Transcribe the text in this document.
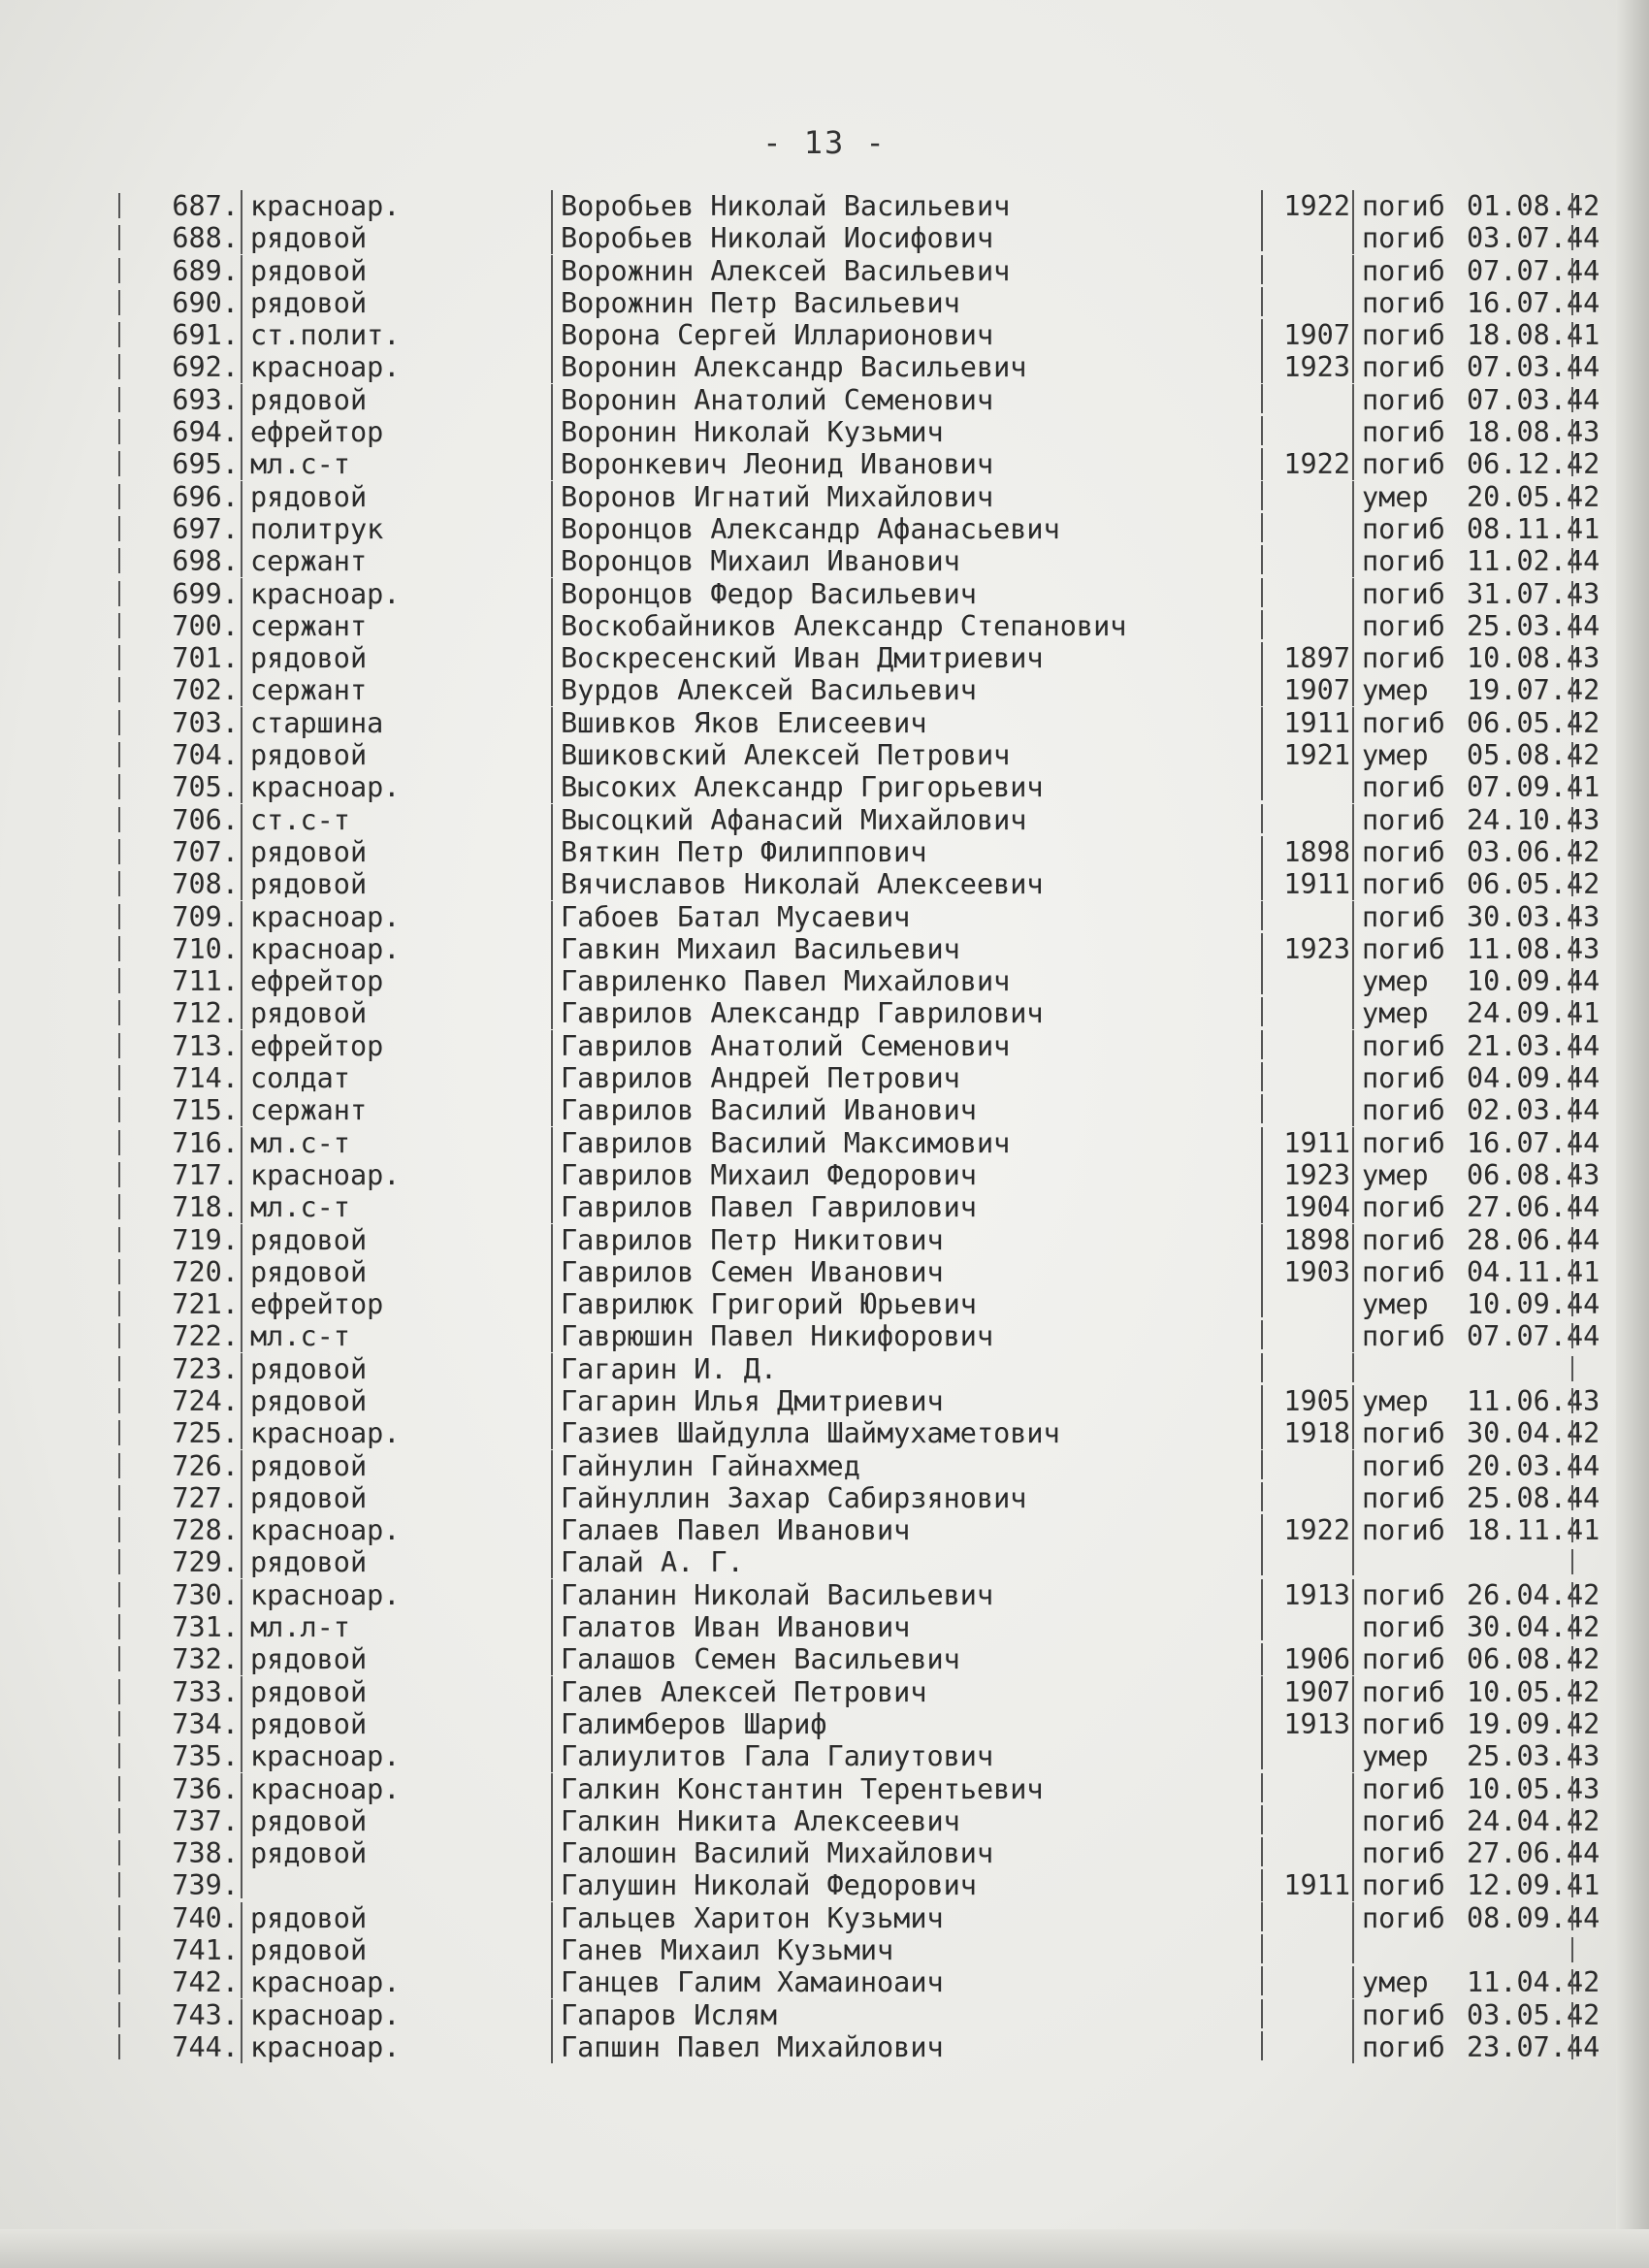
- 13 -
687. красноар.	Воробьев Николай Васильевич	1922 погиб 01.08.42
688. рядовой	Воробьев Николай Иосифович	погиб 03.07.44
689. рядовой	Ворожнин Алексей Васильевич	погиб 07.07.44
690. рядовой	Ворожнин Петр Васильевич	погиб 16.07.44
691. ст.полит.	Ворона Сергей Илларионович	1907 погиб 18.08.41
692. красноар.	Воронин Александр Васильевич	1923 погиб 07.03.44
693. рядовой	Воронин Анатолий Семенович	погиб 07.03.44
694. ефрейтор	Воронин Николай Кузьмич	погиб 18.08.43
695. мл.с-т	Воронкевич Леонид Иванович	1922 погиб 06.12.42
696. рядовой	Воронов Игнатий Михайлович	умер	20.05.42
697. политрук	Воронцов Александр Афанасьевич	погиб 08.11.41
698. сержант	Воронцов Михаил Иванович	погиб 11.02.44
699. красноар.	Воронцов Федор Васильевич	погиб 31.07.43
700. сержант	Воскобайников Александр Степанович	погиб 25.03.44
701. рядовой	Воскресенский Иван Дмитриевич	1897 погиб 10.08.43
702. сержант	Вурдов Алексей Васильевич	1907 умер	19.07.42
703. старшина	Вшивков Яков Елисеевич	1911 погиб 06.05.42
704. рядовой	Вшиковский Алексей Петрович	1921 умер	05.08.42
705. красноар.	Высоких Александр Григорьевич	погиб 07.09.41
706. ст.с-т	Высоцкий Афанасий Михайлович	погиб 24.10.43
707. рядовой	Вяткин Петр Филиппович	1898 погиб 03.06.42
708. рядовой	Вячиславов Николай Алексеевич	1911 погиб 06.05.42
709. красноар.	Габоев Батал Мусаевич	погиб 30.03.43
710. красноар.	Гавкин Михаил Васильевич	1923 погиб 11.08.43
711. ефрейтор	Гавриленко Павел Михайлович	умер	10.09.44
712. рядовой	Гаврилов Александр Гаврилович	умер	24.09.41
713. ефрейтор	Гаврилов Анатолий Семенович	погиб 21.03.44
714. солдат	Гаврилов Андрей Петрович	погиб 04.09.44
715. сержант	Гаврилов Василий Иванович	погиб 02.03.44
716. мл.с-т	Гаврилов Василий Максимович	1911 погиб 16.07.44
717. красноар.	Гаврилов Михаил Федорович	1923 умер	06.08.43
718. мл.с-т	Гаврилов Павел Гаврилович	1904 погиб 27.06.44
719. рядовой	Гаврилов Петр Никитович	1898 погиб 28.06.44
720. рядовой	Гаврилов Семен Иванович	1903 погиб 04.11.41
721. ефрейтор	Гаврилюк Григорий Юрьевич	умер	10.09.44
722. мл.с-т	Гаврюшин Павел Никифорович	погиб 07.07.44
723. рядовой	Гагарин И. Д.
724. рядовой	Гагарин Илья Дмитриевич	1905 умер	11.06.43
725. красноар.	Газиев Шайдулла Шаймухаметович	1918 погиб 30.04.42
726. рядовой	Гайнулин Гайнахмед	погиб 20.03.44
727. рядовой	Гайнуллин Захар Сабирзянович	погиб 25.08.44
728. красноар.	Галаев Павел Иванович	1922 погиб 18.11.41
729. рядовой	Галай А. Г.
730. красноар.	Галанин Николай Васильевич	1913 погиб 26.04.42
731. мл.л-т	Галатов Иван Иванович	погиб 30.04.42
732. рядовой	Галашов Семен Васильевич	1906 погиб 06.08.42
733. рядовой	Галев Алексей Петрович	1907 погиб 10.05.42
734. рядовой	Галимберов Шариф	1913 погиб 19.09.42
735. красноар.	Галиулитов Гала Галиутович	умер	25.03.43
736. красноар.	Галкин Константин Терентьевич	погиб 10.05.43
737. рядовой	Галкин Никита Алексеевич	погиб 24.04.42
738. рядовой	Галошин Василий Михайлович	погиб 27.06.44
739.	Галушин Николай Федорович	1911 погиб 12.09.41
740. рядовой	Гальцев Харитон Кузьмич	погиб 08.09.44
741. рядовой	Ганев Михаил Кузьмич
742. красноар.	Ганцев Галим Хамаиноаич	умер	11.04.42
743. красноар.	Гапаров Ислям	погиб 03.05.42
744. красноар.	Гапшин Павел Михайлович	погиб 23.07.44
